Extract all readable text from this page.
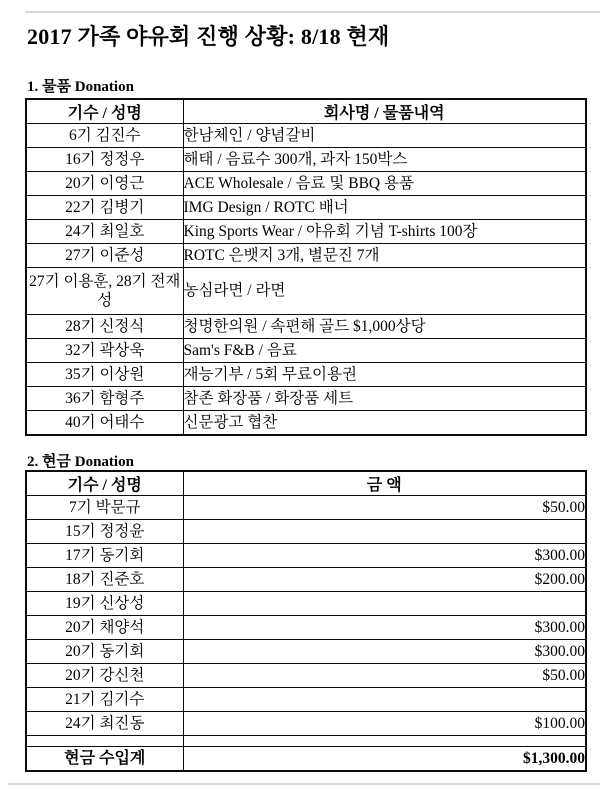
2017 가족 야유회 진행 상황: 8/18 현재
1. 물품 Donation
기수 / 성명	회사명 / 물품내역
6기 김진수	한남체인 / 양념갈비
16기 정정우	해태 / 음료수 300개, 과자 150박스
20기 이영근	ACE Wholesale / 음료 및 BBQ 용품
22기 김병기	IMG Design / ROTC 배너
24기 최일호	King Sports Wear / 야유회 기념 T-shirts 100장
27기 이준성	ROTC 은뱃지 3개, 별문진 7개
27기 이용훈, 28기 전재성	농심라면 / 라면
28기 신정식	청명한의원 / 속편해 골드 $1,000상당
32기 곽상욱	Sam's F&B / 음료
35기 이상원	재능기부 / 5회 무료이용권
36기 함형주	참존 화장품 / 화장품 세트
40기 어태수	신문광고 협찬
2. 현금 Donation
기수 / 성명	금 액
7기 박문규	$50.00
15기 정정윤	
17기 동기회	$300.00
18기 진준호	$200.00
19기 신상성	
20기 채양석	$300.00
20기 동기회	$300.00
20기 강신천	$50.00
21기 김기수	
24기 최진동	$100.00

현금 수입계	$1,300.00
